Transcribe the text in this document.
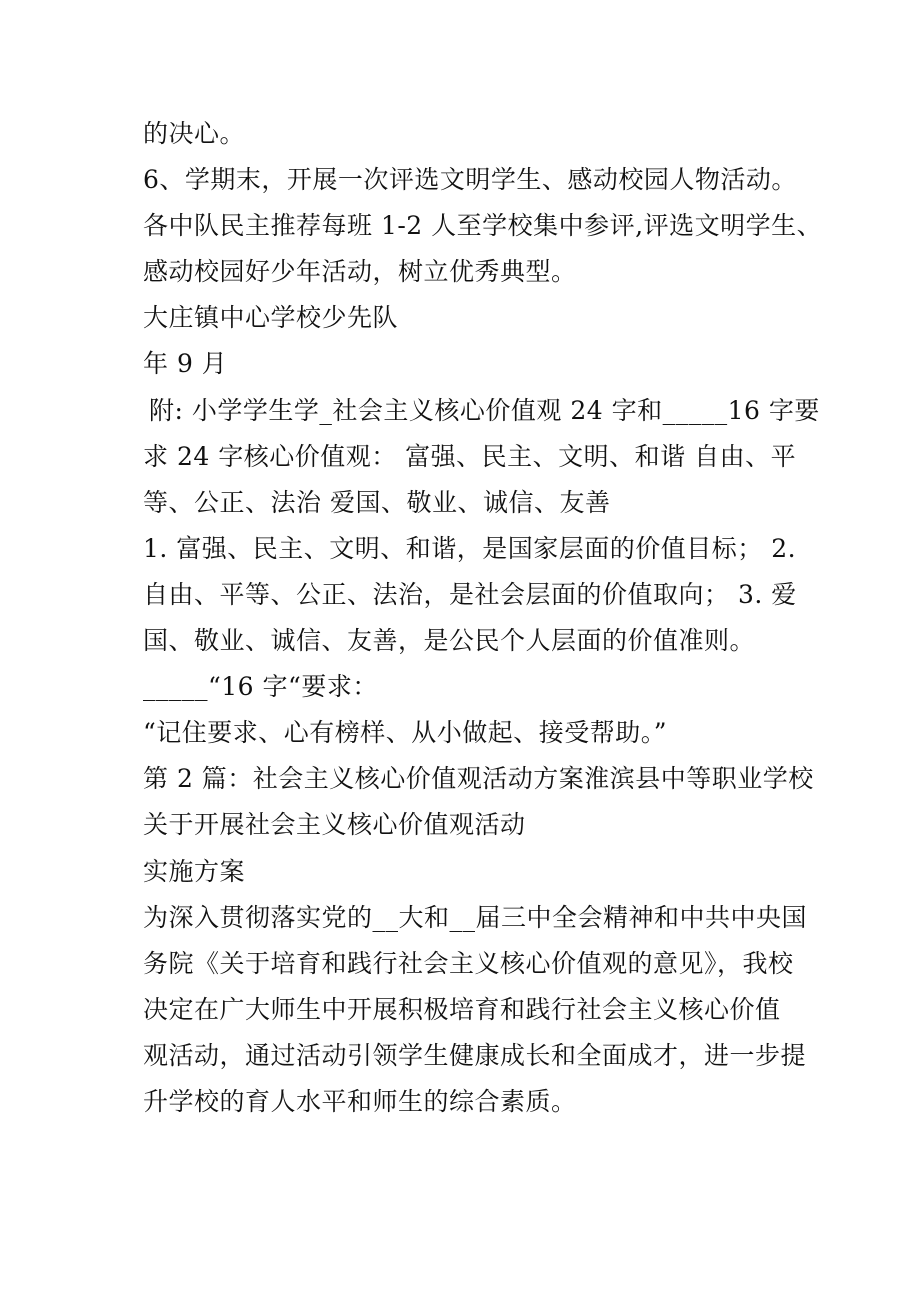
的决心。
6、学期末，开展一次评选文明学生、感动校园人物活动。
各中队民主推荐每班 1-2 人至学校集中参评,评选文明学生、
感动校园好少年活动，树立优秀典型。
大庄镇中心学校少先队
年 9 月
附: 小学学生学_社会主义核心价值观 24 字和_____16 字要
求 24 字核心价值观： 富强、民主、文明、和谐 自由、平
等、公正、法治 爱国、敬业、诚信、友善
1. 富强、民主、文明、和谐，是国家层面的价值目标； 2.
自由、平等、公正、法治，是社会层面的价值取向； 3. 爱
国、敬业、诚信、友善，是公民个人层面的价值准则。
_____“16 字“要求：
“记住要求、心有榜样、从小做起、接受帮助。”
第 2 篇：社会主义核心价值观活动方案淮滨县中等职业学校
关于开展社会主义核心价值观活动
实施方案
为深入贯彻落实党的__大和__届三中全会精神和中共中央国
务院《关于培育和践行社会主义核心价值观的意见》，我校
决定在广大师生中开展积极培育和践行社会主义核心价值
观活动，通过活动引领学生健康成长和全面成才，进一步提
升学校的育人水平和师生的综合素质。
